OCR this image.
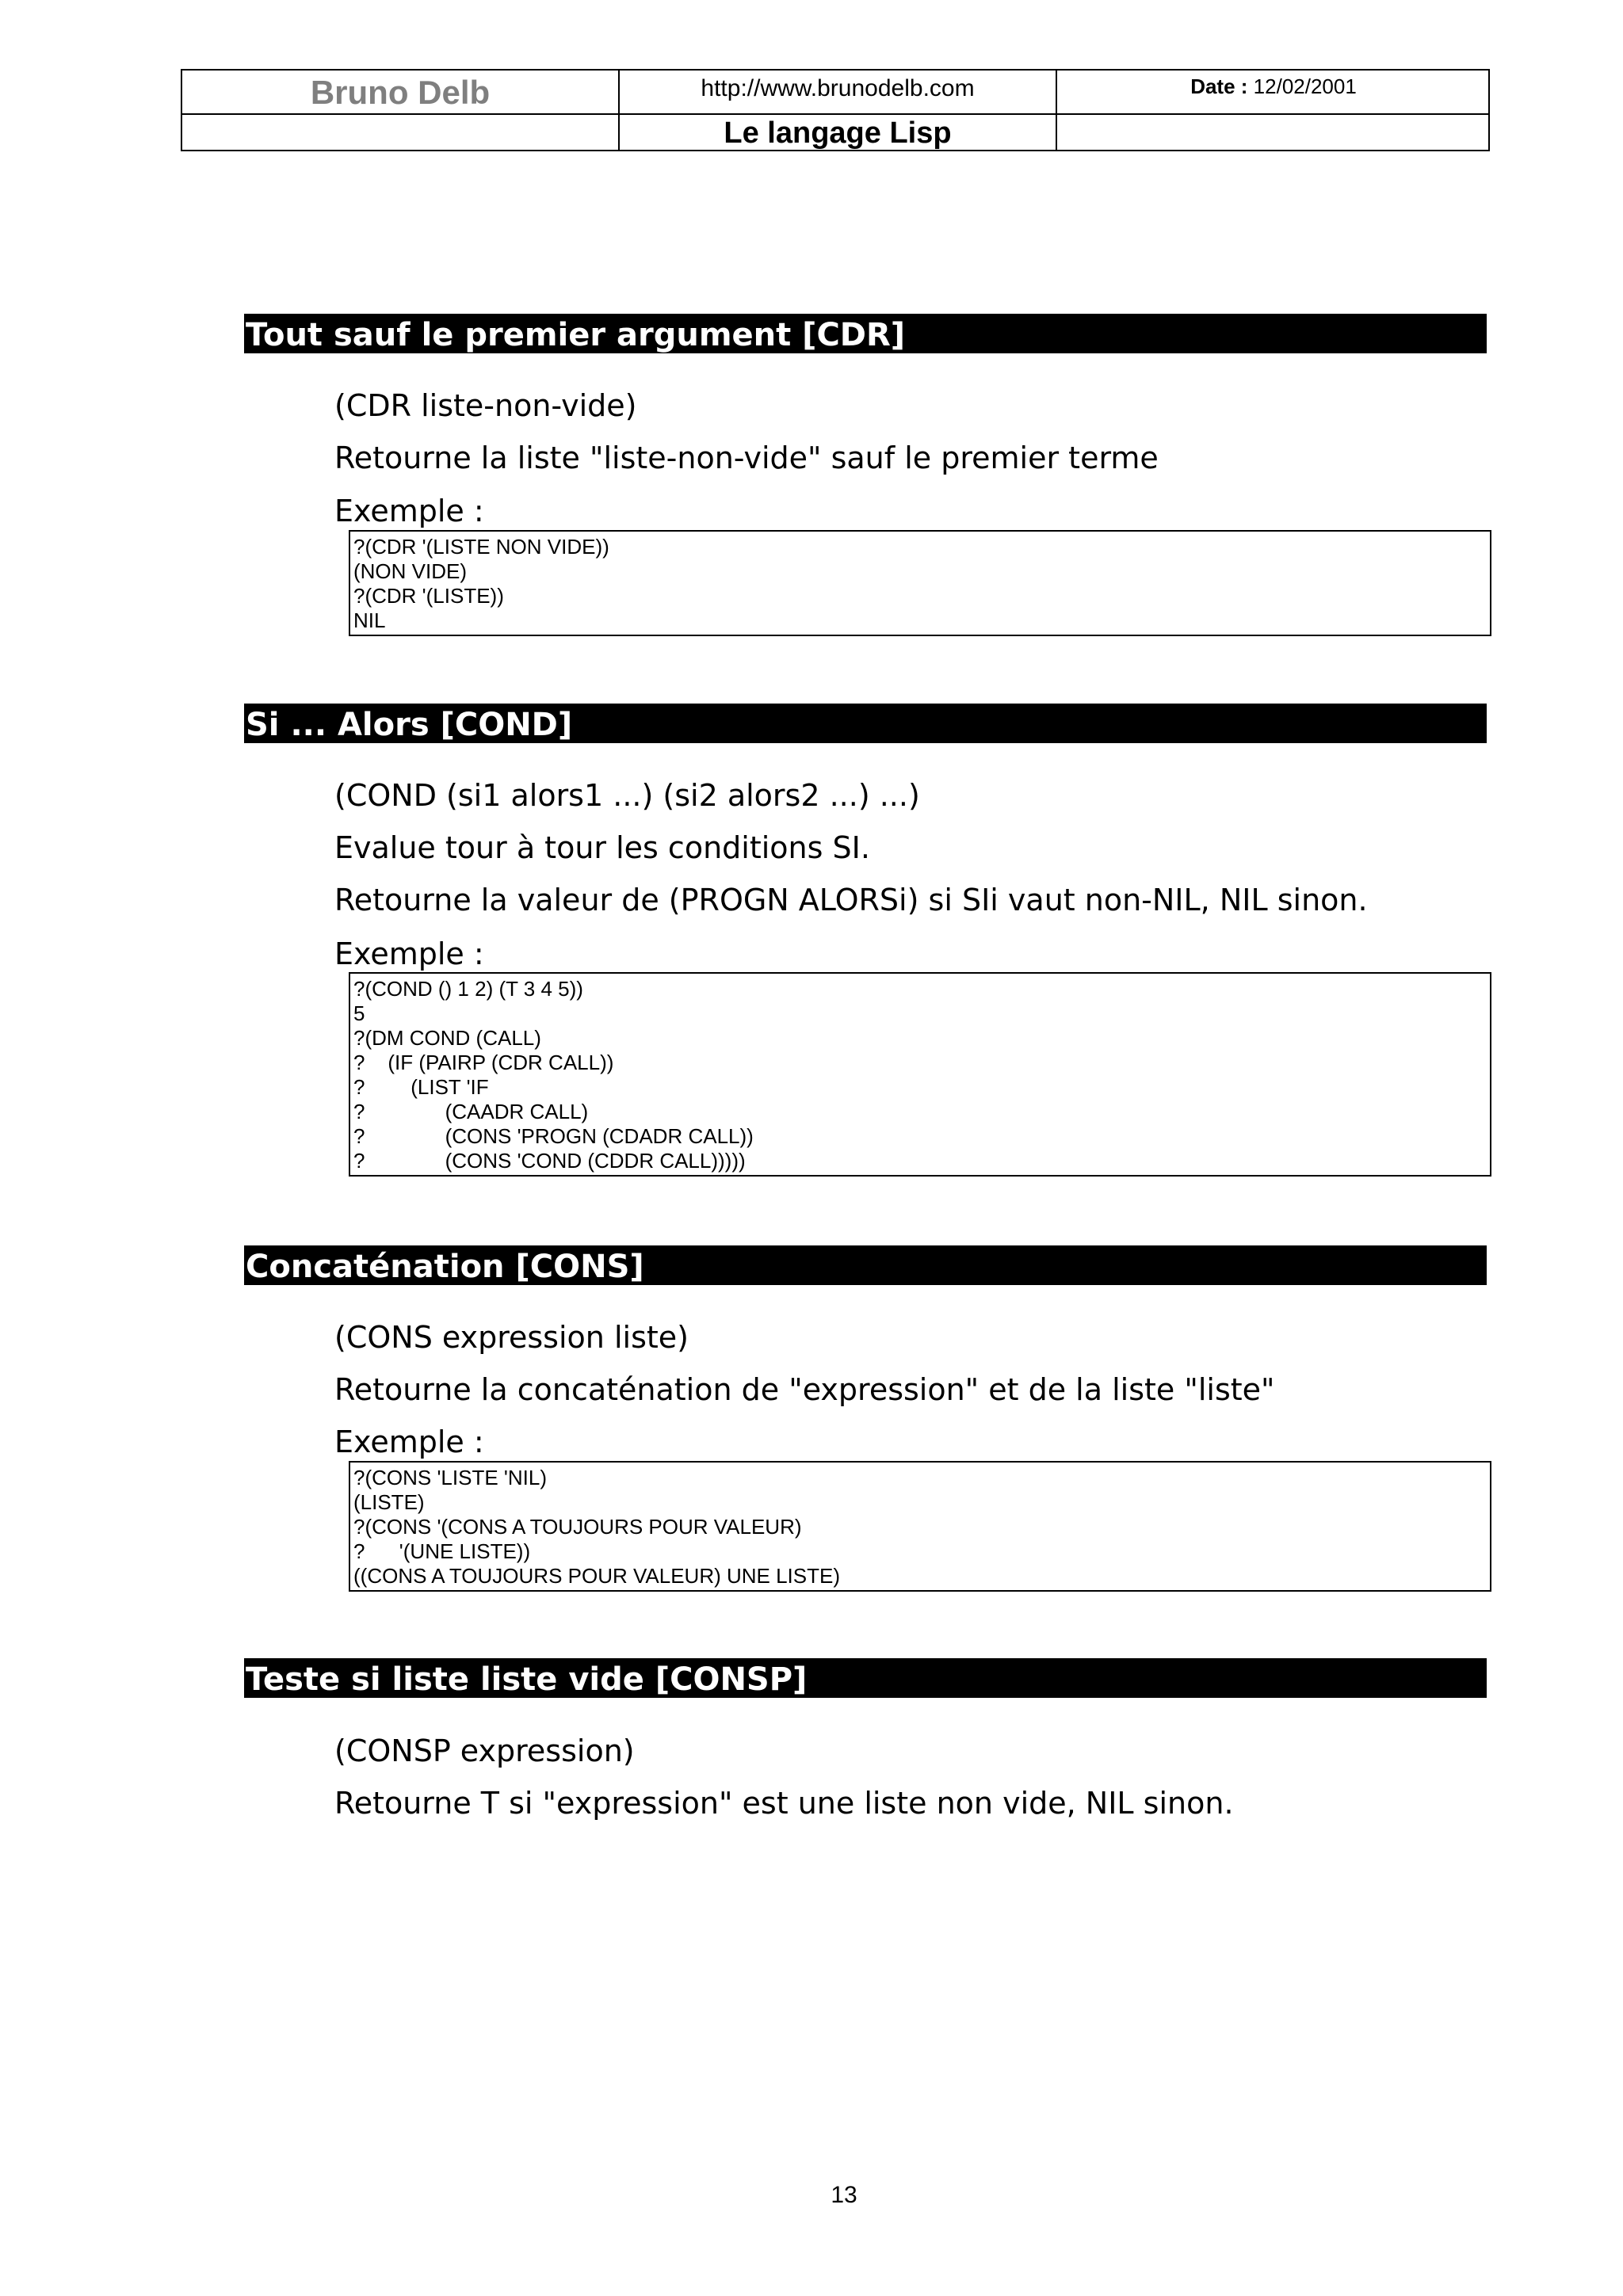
Bruno Delb	http://www.brunodelb.com	Date : 12/02/2001
Le langage Lisp
Tout sauf le premier argument [CDR]
(CDR liste-non-vide)
Retourne la liste "liste-non-vide" sauf le premier terme
Exemple :
?(CDR '(LISTE NON VIDE))
(NON VIDE)
?(CDR '(LISTE))
NIL
Si ... Alors [COND]
(COND (si1 alors1 ...) (si2 alors2 ...) ...)
Evalue tour à tour les conditions SI.
Retourne la valeur de (PROGN ALORSi) si SIi vaut non-NIL, NIL sinon.
Exemple :
?(COND () 1 2) (T 3 4 5))
5
?(DM COND (CALL)
?    (IF (PAIRP (CDR CALL))
?        (LIST 'IF
?              (CAADR CALL)
?              (CONS 'PROGN (CDADR CALL))
?              (CONS 'COND (CDDR CALL)))))
Concaténation [CONS]
(CONS expression liste)
Retourne la concaténation de "expression" et de la liste "liste"
Exemple :
?(CONS 'LISTE 'NIL)
(LISTE)
?(CONS '(CONS A TOUJOURS POUR VALEUR)
?      '(UNE LISTE))
((CONS A TOUJOURS POUR VALEUR) UNE LISTE)
Teste si liste liste vide [CONSP]
(CONSP expression)
Retourne T si "expression" est une liste non vide, NIL sinon.
13
